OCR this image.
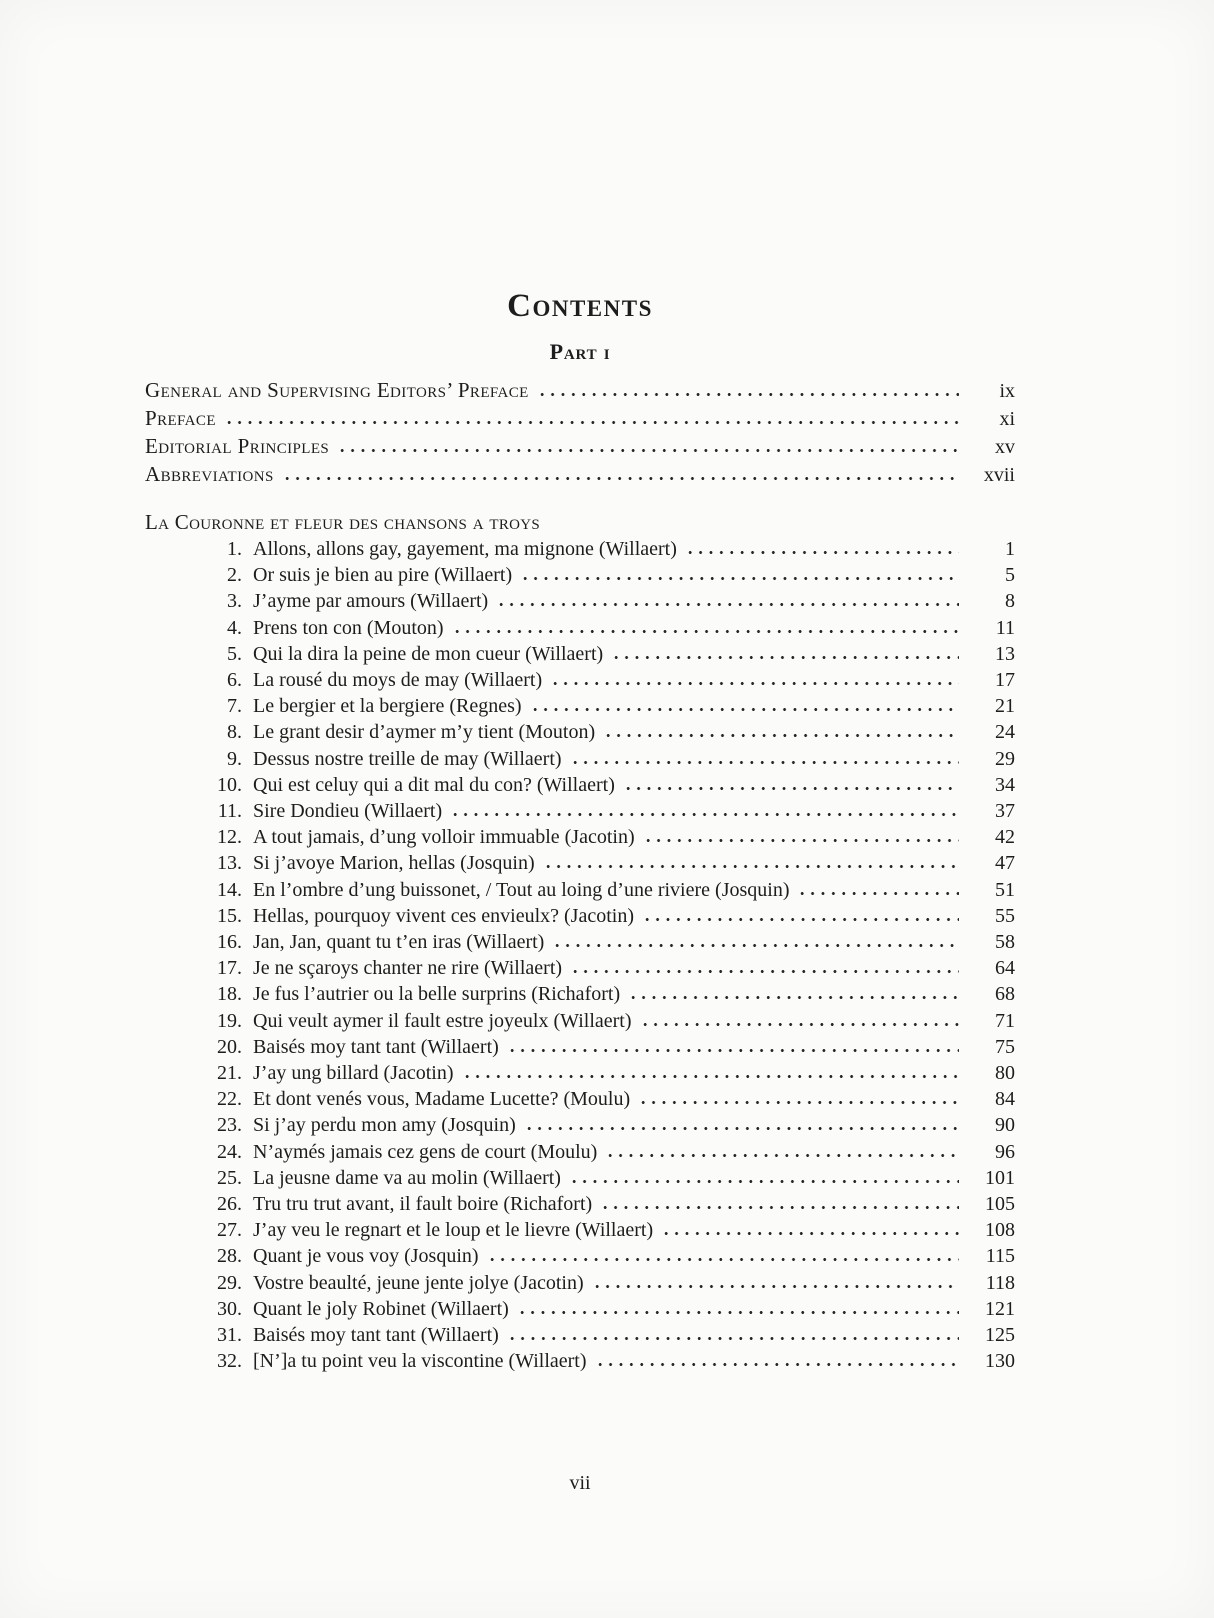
Contents
Part i
General and Supervising Editors’ Preface	ix
Preface	xi
Editorial Principles	xv
Abbreviations	xvii
La Couronne et fleur des chansons a troys
1. Allons, allons gay, gayement, ma mignone (Willaert)	1
2. Or suis je bien au pire (Willaert)	5
3. J’ayme par amours (Willaert)	8
4. Prens ton con (Mouton)	11
5. Qui la dira la peine de mon cueur (Willaert)	13
6. La rousé du moys de may (Willaert)	17
7. Le bergier et la bergiere (Regnes)	21
8. Le grant desir d’aymer m’y tient (Mouton)	24
9. Dessus nostre treille de may (Willaert)	29
10. Qui est celuy qui a dit mal du con? (Willaert)	34
11. Sire Dondieu (Willaert)	37
12. A tout jamais, d’ung volloir immuable (Jacotin)	42
13. Si j’avoye Marion, hellas (Josquin)	47
14. En l’ombre d’ung buissonet, / Tout au loing d’une riviere (Josquin)	51
15. Hellas, pourquoy vivent ces envieulx? (Jacotin)	55
16. Jan, Jan, quant tu t’en iras (Willaert)	58
17. Je ne sçaroys chanter ne rire (Willaert)	64
18. Je fus l’autrier ou la belle surprins (Richafort)	68
19. Qui veult aymer il fault estre joyeulx (Willaert)	71
20. Baisés moy tant tant (Willaert)	75
21. J’ay ung billard (Jacotin)	80
22. Et dont venés vous, Madame Lucette? (Moulu)	84
23. Si j’ay perdu mon amy (Josquin)	90
24. N’aymés jamais cez gens de court (Moulu)	96
25. La jeusne dame va au molin (Willaert)	101
26. Tru tru trut avant, il fault boire (Richafort)	105
27. J’ay veu le regnart et le loup et le lievre (Willaert)	108
28. Quant je vous voy (Josquin)	115
29. Vostre beaulté, jeune jente jolye (Jacotin)	118
30. Quant le joly Robinet (Willaert)	121
31. Baisés moy tant tant (Willaert)	125
32. [N’]a tu point veu la viscontine (Willaert)	130
vii
